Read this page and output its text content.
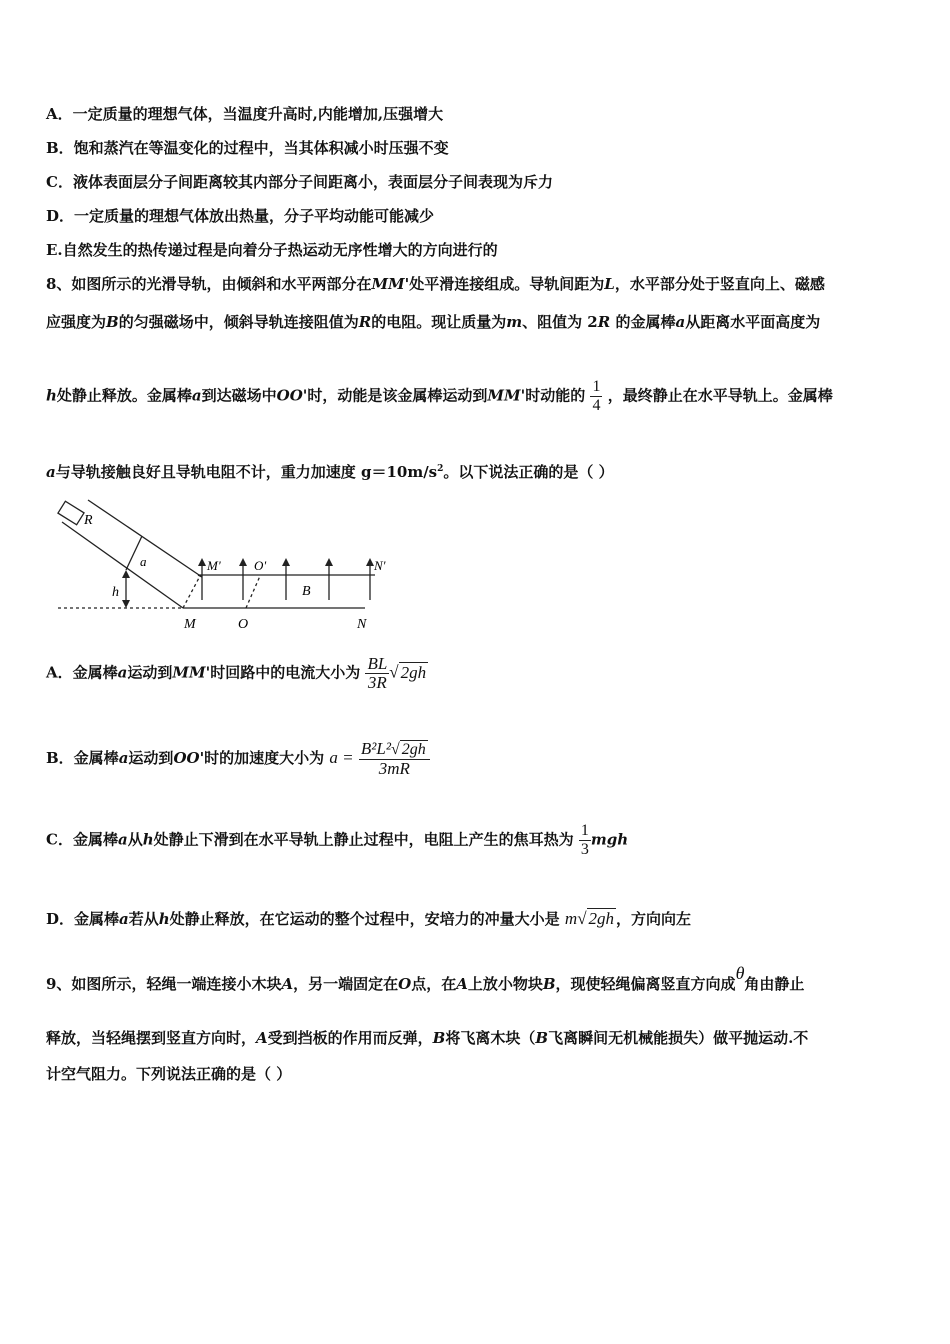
A．一定质量的理想气体，当温度升高时,内能增加,压强增大
B．饱和蒸汽在等温变化的过程中，当其体积减小时压强不变
C．液体表面层分子间距离较其内部分子间距离小，表面层分子间表现为斥力
D．一定质量的理想气体放出热量，分子平均动能可能减少
E.自然发生的热传递过程是向着分子热运动无序性增大的方向进行的
8、如图所示的光滑导轨，由倾斜和水平两部分在MM'处平滑连接组成。导轨间距为L，水平部分处于竖直向上、磁感
应强度为B的匀强磁场中，倾斜导轨连接阻值为R的电阻。现让质量为m、阻值为 2R 的金属棒a从距离水平面高度为
h处静止释放。金属棒a到达磁场中OO'时，动能是该金属棒运动到MM'时动能的 $\frac{1}{4}$ ，最终静止在水平导轨上。金属棒
a与导轨接触良好且导轨电阻不计，重力加速度 $g=10m/s^2$。以下说法正确的是（ ）
R
a
h
M'	O'
B
N'
M	O	N
A．金属棒a运动到MM'时回路中的电流大小为 $\frac{BL}{3R}$ √ 2gh
B．金属棒a运动到OO'时的加速度大小为 $a = \frac{\text{B²L²√ 2gh}}{3mR}$
C．金属棒a从h处静止下滑到在水平导轨上静止过程中，电阻上产生的焦耳热为 $\frac{1}{3}$ mgh
D．金属棒a若从h处静止释放，在它运动的整个过程中，安培力的冲量大小是 m√ 2gh ，方向向左
9、如图所示，轻绳一端连接小木块A，另一端固定在O点，在A上放小物块B，现使轻绳偏离竖直方向成θ角由静止
释放，当轻绳摆到竖直方向时，A受到挡板的作用而反弹，B将飞离木块（B飞离瞬间无机械能损失）做平抛运动.不
计空气阻力。下列说法正确的是（ ）
